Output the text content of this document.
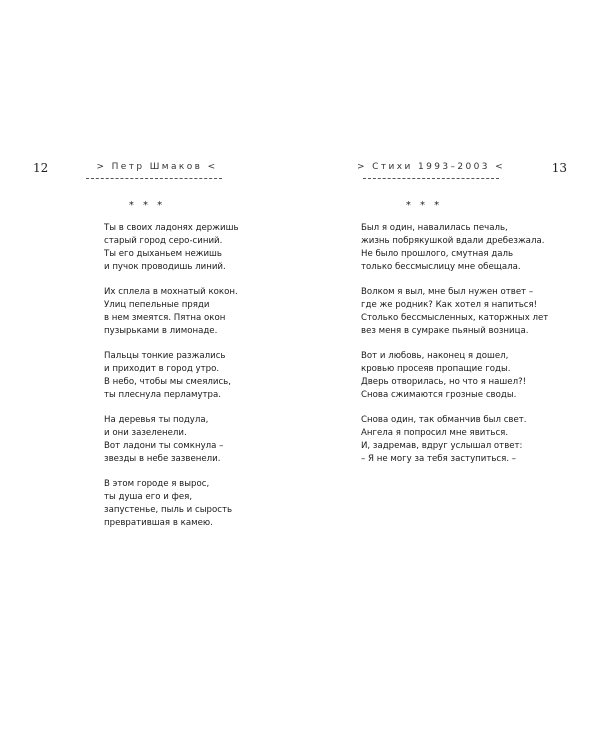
12	> Петр Шмаков <
* * *
Ты в своих ладонях держишь
старый город серо-синий.
Ты его дыханьем нежишь
и пучок проводишь линий.
Их сплела в мохнатый кокон.
Улиц пепельные пряди
в нем змеятся. Пятна окон
пузырьками в лимонаде.
Пальцы тонкие разжались
и приходит в город утро.
В небо, чтобы мы смеялись,
ты плеснула перламутра.
На деревья ты подула,
и они зазеленели.
Вот ладони ты сомкнула –
звезды в небе зазвенели.
В этом городе я вырос,
ты душа его и фея,
запустенье, пыль и сырость
превратившая в камею.
13
> Стихи 1993–2003 <
* * *
Был я один, навалилась печаль,
жизнь побрякушкой вдали дребезжала.
Не было прошлого, смутная даль
только бессмыслицу мне обещала.
Волком я выл, мне был нужен ответ –
где же родник? Как хотел я напиться!
Столько бессмысленных, каторжных лет
вез меня в сумраке пьяный возница.
Вот и любовь, наконец я дошел,
кровью просеяв пропащие годы.
Дверь отворилась, но что я нашел?!
Снова сжимаются грозные своды.
Снова один, так обманчив был свет.
Ангела я попросил мне явиться.
И, задремав, вдруг услышал ответ:
– Я не могу за тебя заступиться. –
